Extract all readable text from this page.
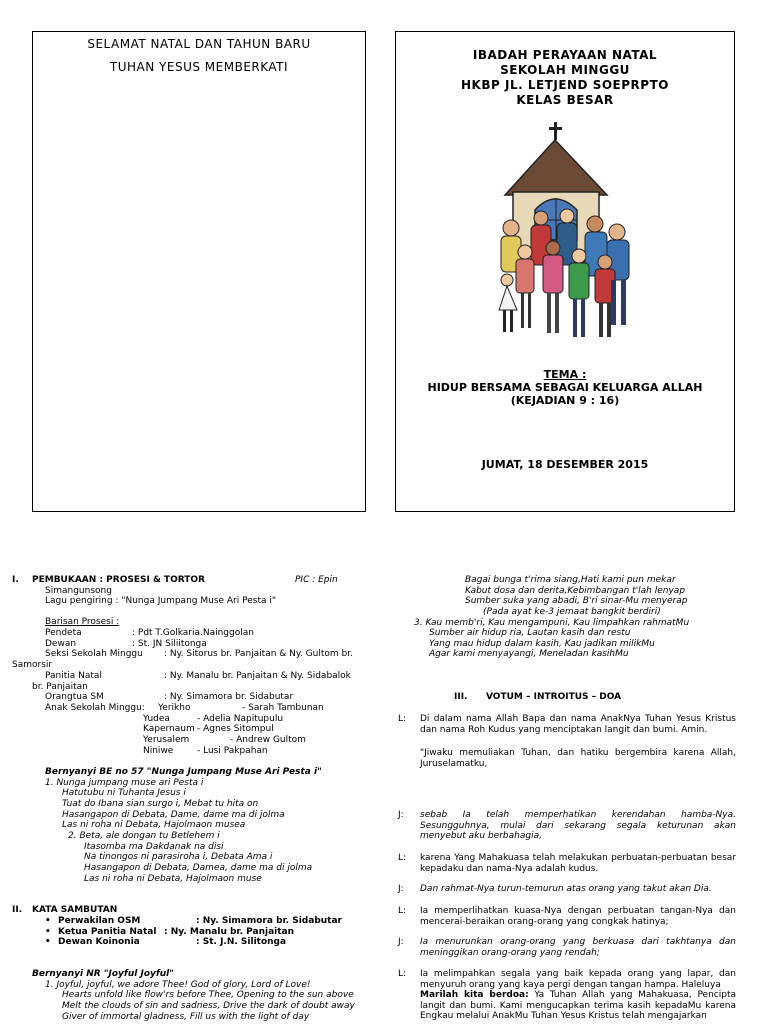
SELAMAT NATAL DAN TAHUN BARU
TUHAN YESUS MEMBERKATI
IBADAH PERAYAAN NATAL
SEKOLAH MINGGU
HKBP JL. LETJEND SOEPRPTO
KELAS BESAR
TEMA :
HIDUP BERSAMA SEBAGAI KELUARGA ALLAH
(KEJADIAN 9 : 16)
JUMAT, 18 DESEMBER 2015
I. PEMBUKAAN : PROSESI & TORTOR	PIC : Epin
Simangunsong
Lagu pengiring : "Nunga Jumpang Muse Ari Pesta i"
Barisan Prosesi :
Pendeta	: Pdt T.Golkaria.Nainggolan
Dewan	: St. JN Siliitonga
Seksi Sekolah Minggu : Ny. Sitorus br. Panjaitan & Ny. Gultom br.
Samorsir
Panitia Natal	: Ny. Manalu br. Panjaitan & Ny. Sidabalok
br. Panjaitan
Orangtua SM	: Ny. Simamora br. Sidabutar
Anak Sekolah Minggu: Yerikho	- Sarah Tambunan
Yudea	- Adelia Napitupulu
Kapernaum - Agnes Sitompul
Yerusalem	- Andrew Gultom
Niniwe	- Lusi Pakpahan
Bernyanyi BE no 57 "Nunga Jumpang Muse Ari Pesta i"
1. Nunga jumpang muse ari Pesta i
Hatutubu ni Tuhanta Jesus i
Tuat do Ibana sian surgo i, Mebat tu hita on
Hasangapon di Debata, Dame, dame ma di jolma
Las ni roha ni Debata, Hajolmaon musea
2. Beta, ale dongan tu Betlehem i
Itasomba ma Dakdanak na disi
Na tinongos ni parasiroha i, Debata Ama i
Hasangapon di Debata, Damea, dame ma di jolma
Las ni roha ni Debata, Hajolmaon muse
II. KATA SAMBUTAN
• Perwakilan OSM	: Ny. Simamora br. Sidabutar
• Ketua Panitia Natal : Ny. Manalu br. Panjaitan
• Dewan Koinonia	: St. J.N. Silitonga
Bernyanyi NR "Joyful Joyful"
1. Joyful, joyful, we adore Thee! God of glory, Lord of Love!
Hearts unfold like flow'rs before Thee, Opening to the sun above
Melt the clouds of sin and sadness, Drive the dark of doubt away
Giver of immortal gladness, Fill us with the light of day
Bagai bunga t'rima siang,Hati kami pun mekar
Kabut dosa dan derita,Kebimbangan t'lah lenyap
Sumber suka yang abadi, B'ri sinar-Mu menyerap
(Pada ayat ke-3 jemaat bangkit berdiri)
3. Kau memb'ri, Kau mengampuni, Kau limpahkan rahmatMu
Sumber air hidup ria, Lautan kasih dan restu
Yang mau hidup dalam kasih, Kau jadikan milikMu
Agar kami menyayangi, Meneladan kasihMu
III. VOTUM – INTROITUS – DOA
L:	Di dalam nama Allah Bapa dan nama AnakNya Tuhan Yesus Kristus dan nama Roh Kudus yang menciptakan langit dan bumi. Amin.
"Jiwaku memuliakan Tuhan, dan hatiku bergembira karena Allah, Juruselamatku,
J:	sebab Ia telah memperhatikan kerendahan hamba-Nya. Sesungguhnya, mulai dari sekarang segala keturunan akan menyebut aku berbahagia,
L:	karena Yang Mahakuasa telah melakukan perbuatan-perbuatan besar kepadaku dan nama-Nya adalah kudus.
J:	Dan rahmat-Nya turun-temurun atas orang yang takut akan Dia.
L:	Ia memperlihatkan kuasa-Nya dengan perbuatan tangan-Nya dan mencerai-beraikan orang-orang yang congkak hatinya;
J:	Ia menurunkan orang-orang yang berkuasa dari takhtanya dan meninggikan orang-orang yang rendah;
L:	Ia melimpahkan segala yang baik kepada orang yang lapar, dan menyuruh orang yang kaya pergi dengan tangan hampa. Haleluya
Marilah kita berdoa: Ya Tuhan Allah yang Mahakuasa, Pencipta langit dan bumi. Kami mengucapkan terima kasih kepadaMu karena Engkau melalui AnakMu Tuhan Yesus Kristus telah mengajarkan
